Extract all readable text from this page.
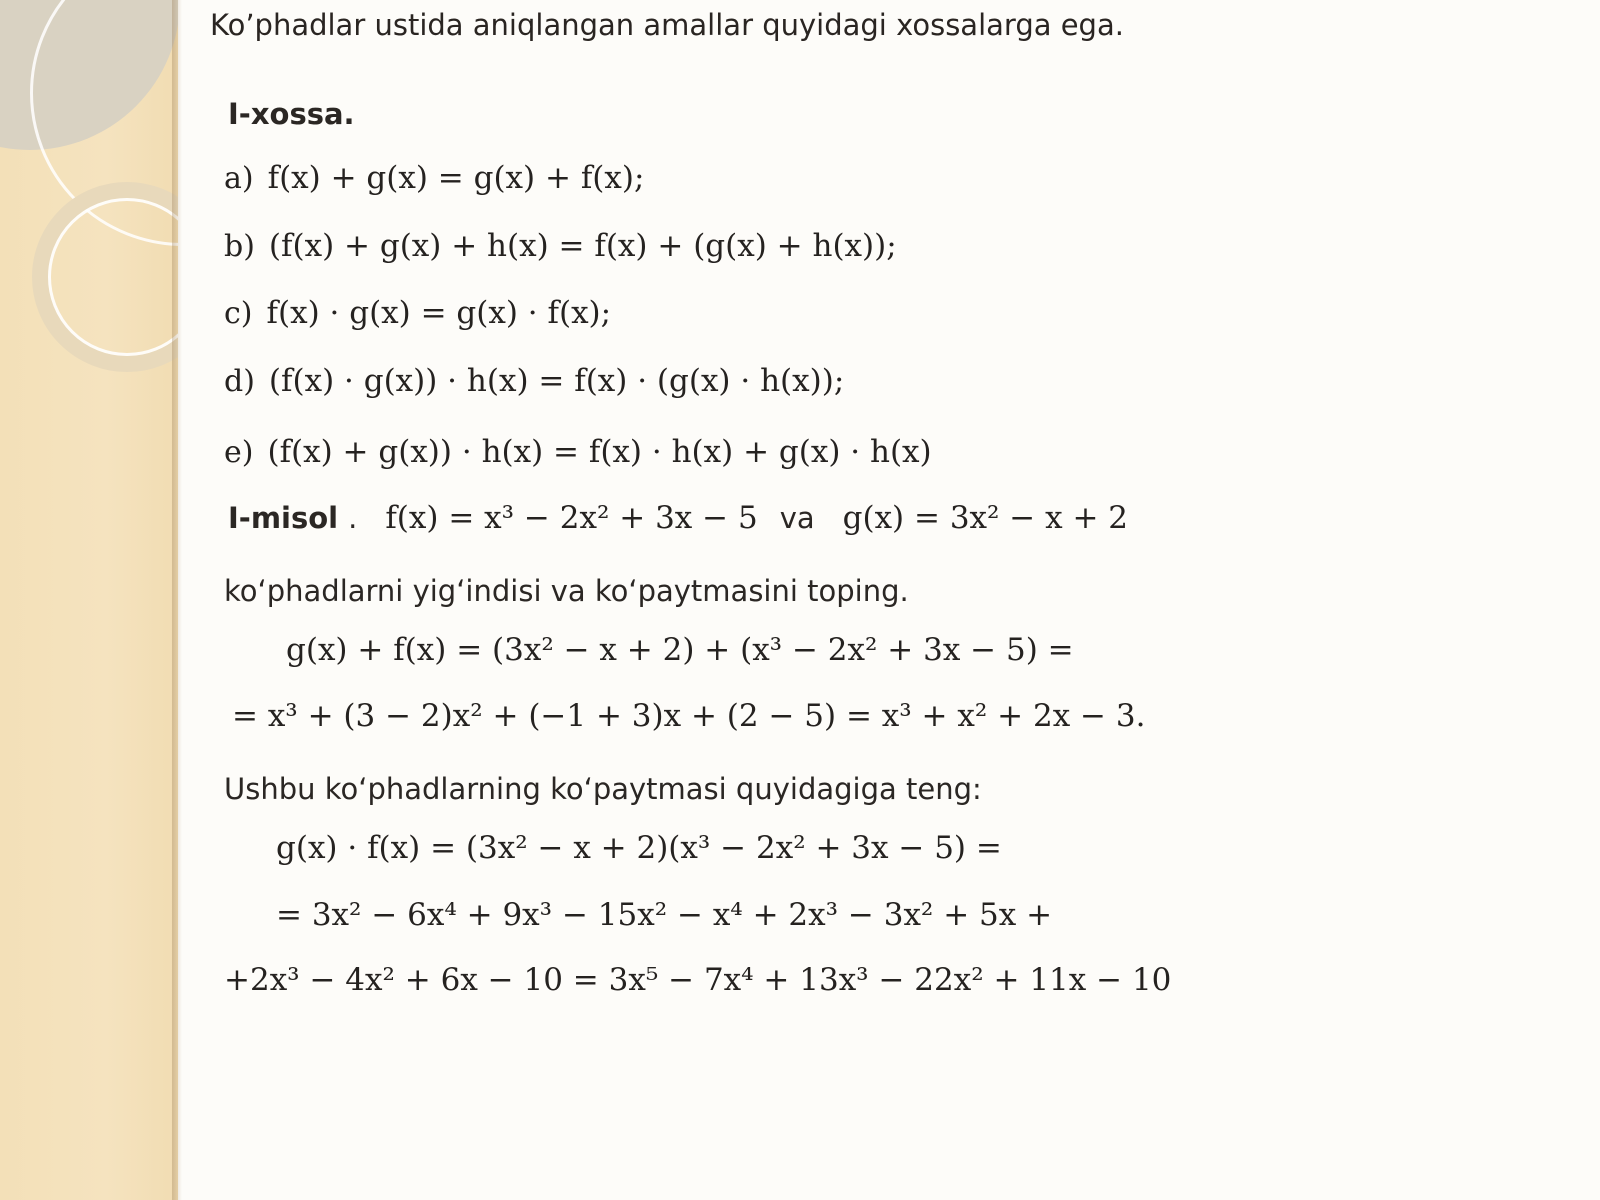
Ko’phadlar ustida aniqlangan amallar quyidagi xossalarga ega.
I-xossa.
a) f(x) + g(x) = g(x) + f(x);
b) (f(x) + g(x) + h(x) = f(x) + (g(x) + h(x));
c) f(x) · g(x) = g(x) · f(x);
d) (f(x) · g(x)) · h(x) = f(x) · (g(x) · h(x));
e) (f(x) + g(x)) · h(x) = f(x) · h(x) + g(x) · h(x)
I-misol . f(x) = x³ − 2x² + 3x − 5 va g(x) = 3x² − x + 2
ko‘phadlarni yig‘indisi va ko‘paytmasini toping.
g(x) + f(x) = (3x² − x + 2) + (x³ − 2x² + 3x − 5) =
= x³ + (3 − 2)x² + (−1 + 3)x + (2 − 5) = x³ + x² + 2x − 3.
Ushbu ko‘phadlarning ko‘paytmasi quyidagiga teng:
g(x) · f(x) = (3x² − x + 2)(x³ − 2x² + 3x − 5) =
= 3x² − 6x⁴ + 9x³ − 15x² − x⁴ + 2x³ − 3x² + 5x +
+2x³ − 4x² + 6x − 10 = 3x⁵ − 7x⁴ + 13x³ − 22x² + 11x − 10
